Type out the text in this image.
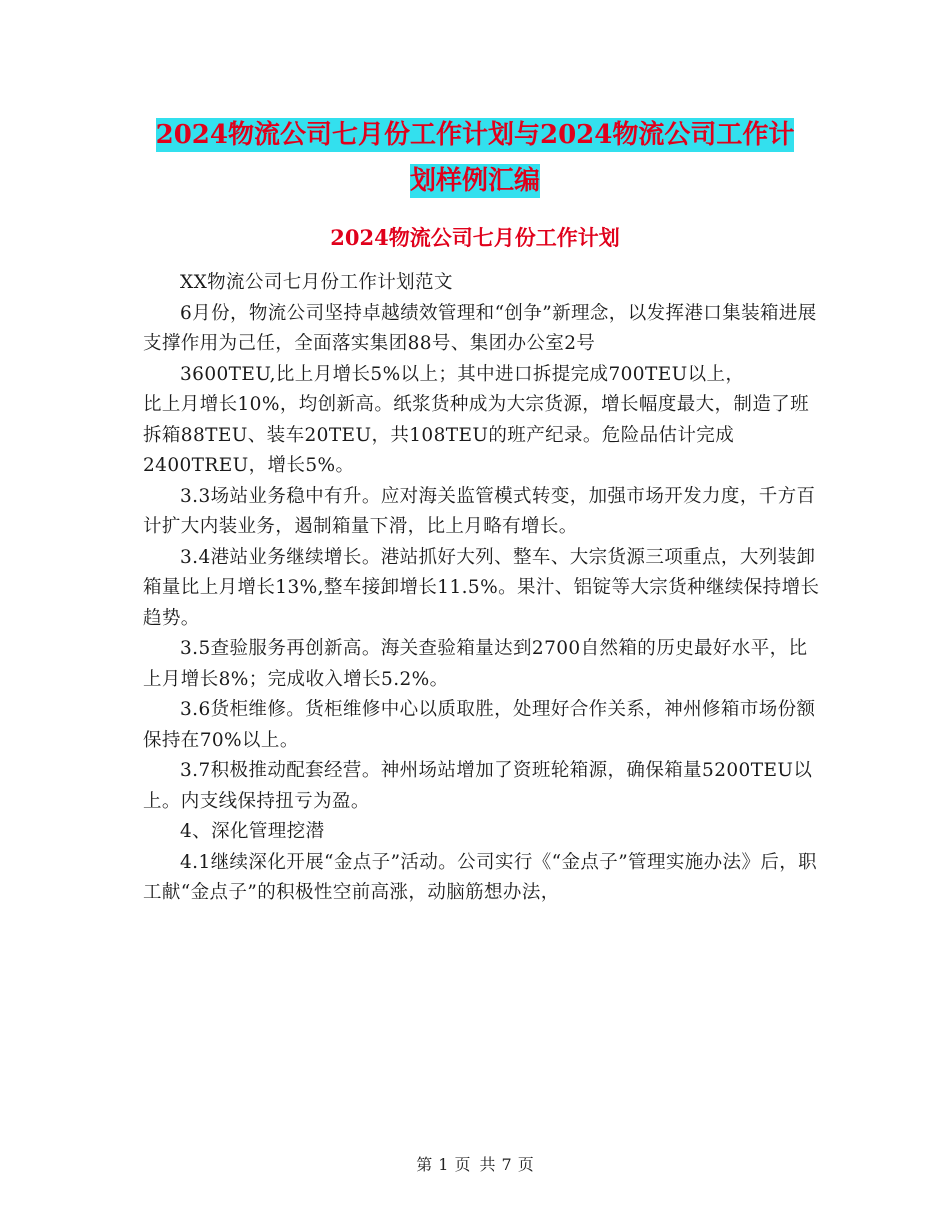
2024物流公司七月份工作计划与2024物流公司工作计
划样例汇编
2024物流公司七月份工作计划

XX物流公司七月份工作计划范文

6月份，物流公司坚持卓越绩效管理和“创争”新理念，以发挥港口集装箱进展支撑作用为己任，全面落实集团88号、集团办公室2号

3600TEU,比上月增长5%以上；其中进口拆提完成700TEU以上，

比上月增长10%，均创新高。纸浆货种成为大宗货源，增长幅度最大，制造了班拆箱88TEU、装车20TEU，共108TEU的班产纪录。危险品估计完成2400TREU，增长5%。

3.3场站业务稳中有升。应对海关监管模式转变，加强市场开发力度，千方百计扩大内装业务，遏制箱量下滑，比上月略有增长。

3.4港站业务继续增长。港站抓好大列、整车、大宗货源三项重点，大列装卸箱量比上月增长13%,整车接卸增长11.5%。果汁、铝锭等大宗货种继续保持增长趋势。

3.5查验服务再创新高。海关查验箱量达到2700自然箱的历史最好水平，比上月增长8%；完成收入增长5.2%。

3.6货柜维修。货柜维修中心以质取胜，处理好合作关系，神州修箱市场份额保持在70%以上。

3.7积极推动配套经营。神州场站增加了资班轮箱源，确保箱量5200TEU以上。内支线保持扭亏为盈。

4、深化管理挖潜

4.1继续深化开展“金点子”活动。公司实行《“金点子”管理实施办法》后，职工献“金点子”的积极性空前高涨，动脑筋想办法，

第 1 页 共 7 页
